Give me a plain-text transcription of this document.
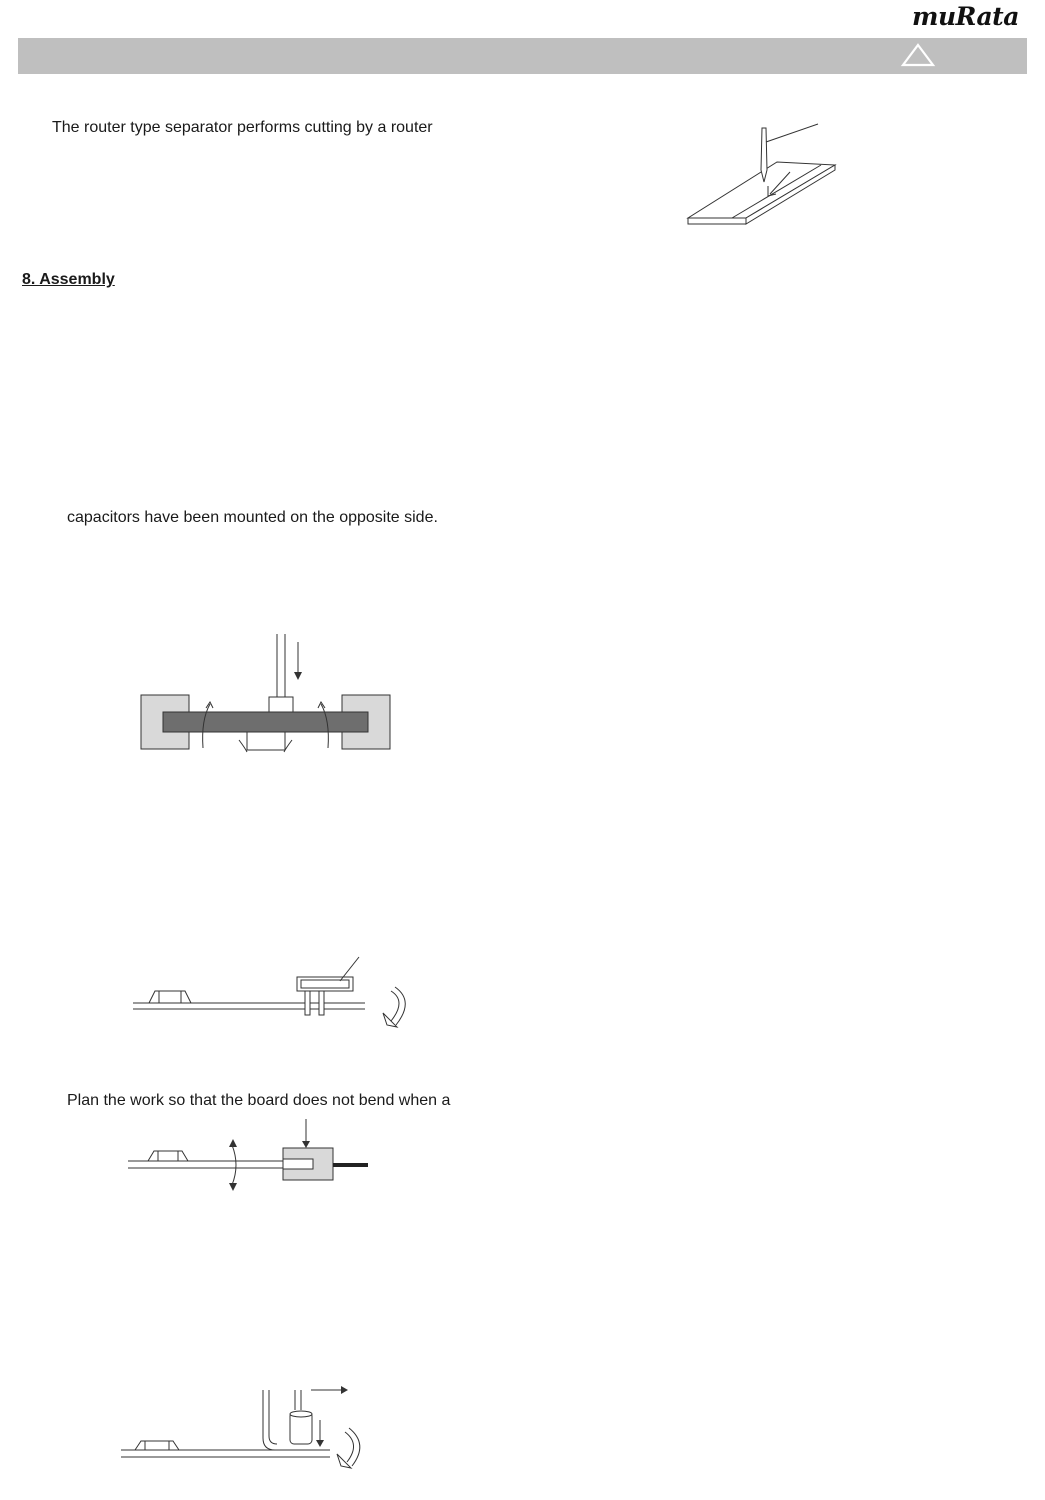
muRata
The router type separator performs cutting by a router
8. Assembly
capacitors have been mounted on the opposite side.
Plan the work so that the board does not bend when a
